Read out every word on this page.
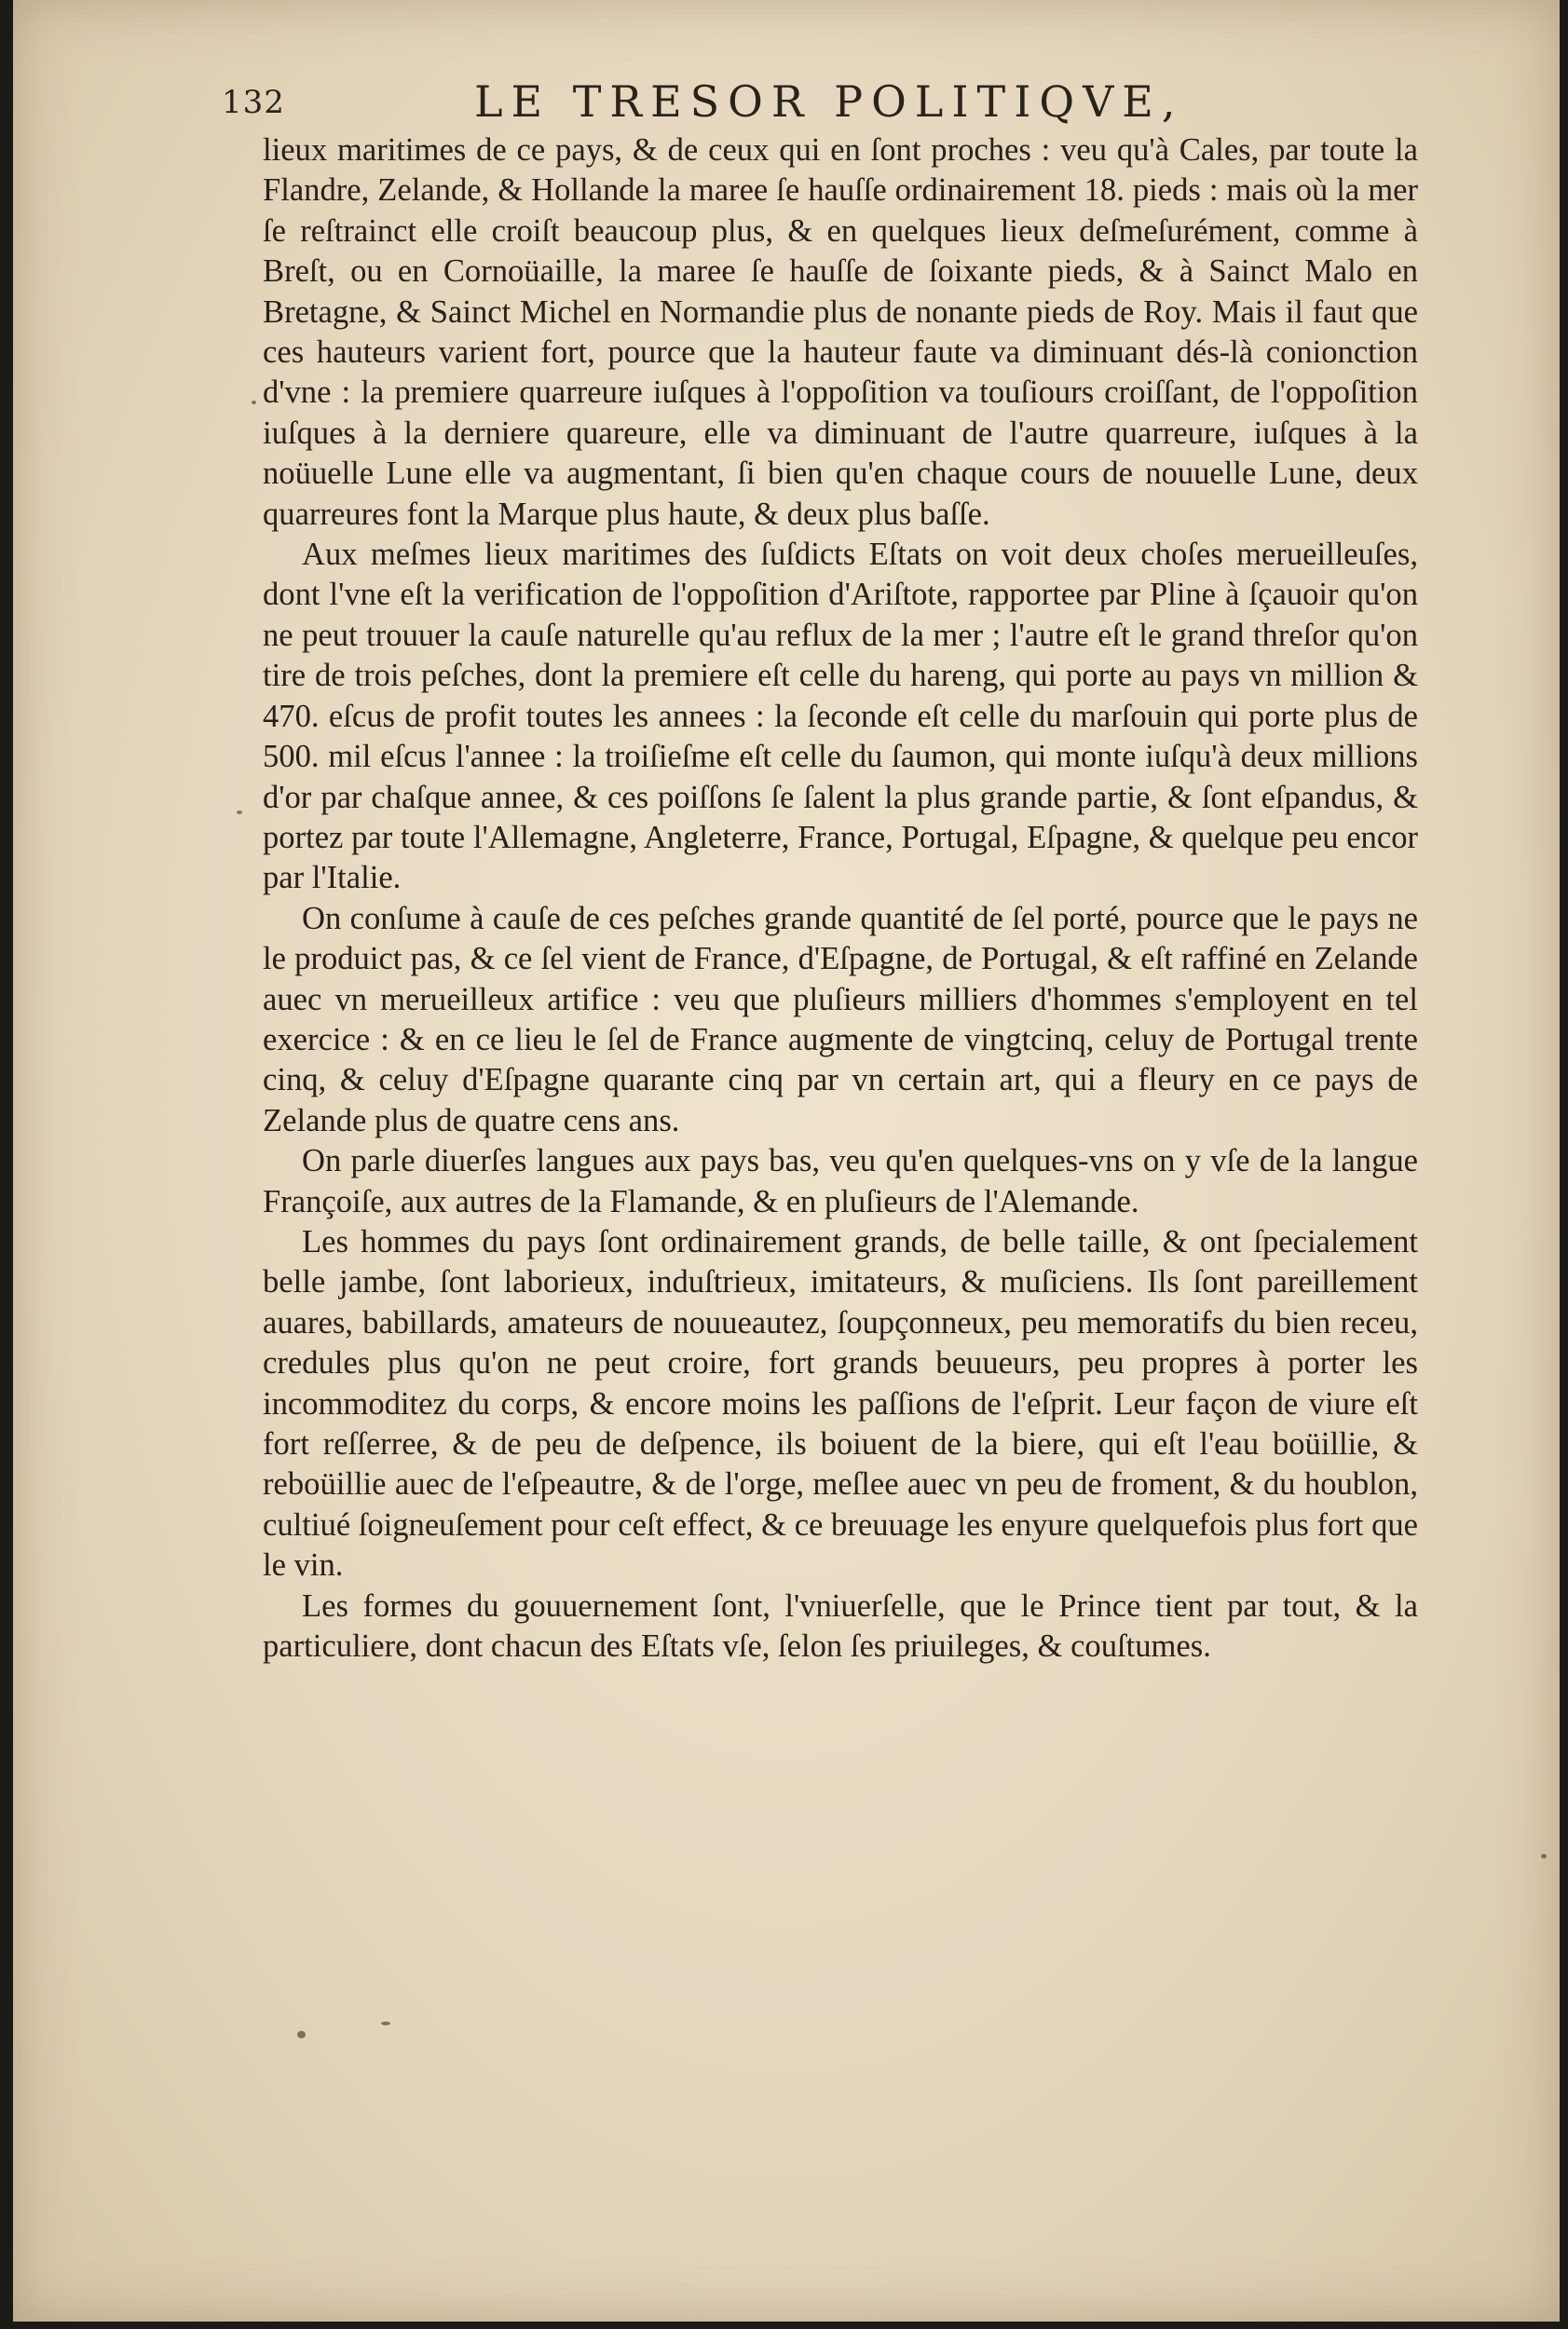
132	LE TRESOR POLITIQVE,

lieux maritimes de ce pays, & de ceux qui en ſont proches : veu qu'à Cales, par toute la Flandre, Zelande, & Hollande la maree ſe hauſſe ordinairement 18. pieds : mais où la mer ſe reſtrainct elle croiſt beaucoup plus, & en quelques lieux deſmeſurément, comme à Breſt, ou en Cornoüaille, la maree ſe hauſſe de ſoixante pieds, & à Sainct Malo en Bretagne, & Sainct Michel en Normandie plus de nonante pieds de Roy. Mais il faut que ces hauteurs varient fort, pource que la hauteur faute va diminuant dés-là conionction d'vne : la premiere quarreure iuſques à l'oppoſition va touſiours croiſſant, de l'oppoſition iuſques à la derniere quareure, elle va diminuant de l'autre quarreure, iuſques à la noüuelle Lune elle va augmentant, ſi bien qu'en chaque cours de nouuelle Lune, deux quarreures font la Marque plus haute, & deux plus baſſe.

Aux meſmes lieux maritimes des ſuſdicts Eſtats on voit deux choſes merueilleuſes, dont l'vne eſt la verification de l'oppoſition d'Ariſtote, rapportee par Pline à ſçauoir qu'on ne peut trouuer la cauſe naturelle qu'au reflux de la mer ; l'autre eſt le grand threſor qu'on tire de trois peſches, dont la premiere eſt celle du hareng, qui porte au pays vn million & 470. eſcus de profit toutes les annees : la ſeconde eſt celle du marſouin qui porte plus de 500. mil eſcus l'annee : la troiſieſme eſt celle du ſaumon, qui monte iuſqu'à deux millions d'or par chaſque annee, & ces poiſſons ſe ſalent la plus grande partie, & ſont eſpandus, & portez par toute l'Allemagne, Angleterre, France, Portugal, Eſpagne, & quelque peu encor par l'Italie.

On conſume à cauſe de ces peſches grande quantité de ſel porté, pource que le pays ne le produict pas, & ce ſel vient de France, d'Eſpagne, de Portugal, & eſt raffiné en Zelande auec vn merueilleux artifice : veu que pluſieurs milliers d'hommes s'employent en tel exercice : & en ce lieu le ſel de France augmente de vingtcinq, celuy de Portugal trente cinq, & celuy d'Eſpagne quarante cinq par vn certain art, qui a fleury en ce pays de Zelande plus de quatre cens ans.

On parle diuerſes langues aux pays bas, veu qu'en quelques-vns on y vſe de la langue Françoiſe, aux autres de la Flamande, & en pluſieurs de l'Alemande.

Les hommes du pays ſont ordinairement grands, de belle taille, & ont ſpecialement belle jambe, ſont laborieux, induſtrieux, imitateurs, & muſiciens. Ils ſont pareillement auares, babillards, amateurs de nouueautez, ſoupçonneux, peu memoratifs du bien receu, credules plus qu'on ne peut croire, fort grands beuueurs, peu propres à porter les incommoditez du corps, & encore moins les paſſions de l'eſprit. Leur façon de viure eſt fort reſſerree, & de peu de deſpence, ils boiuent de la biere, qui eſt l'eau boüillie, & reboüillie auec de l'eſpeautre, & de l'orge, meſlee auec vn peu de froment, & du houblon, cultiué ſoigneuſement pour ceſt effect, & ce breuuage les enyure quelquefois plus fort que le vin.

Les formes du gouuernement ſont, l'vniuerſelle, que le Prince tient par tout, & la particuliere, dont chacun des Eſtats vſe, ſelon ſes priuileges, & couſtumes.
